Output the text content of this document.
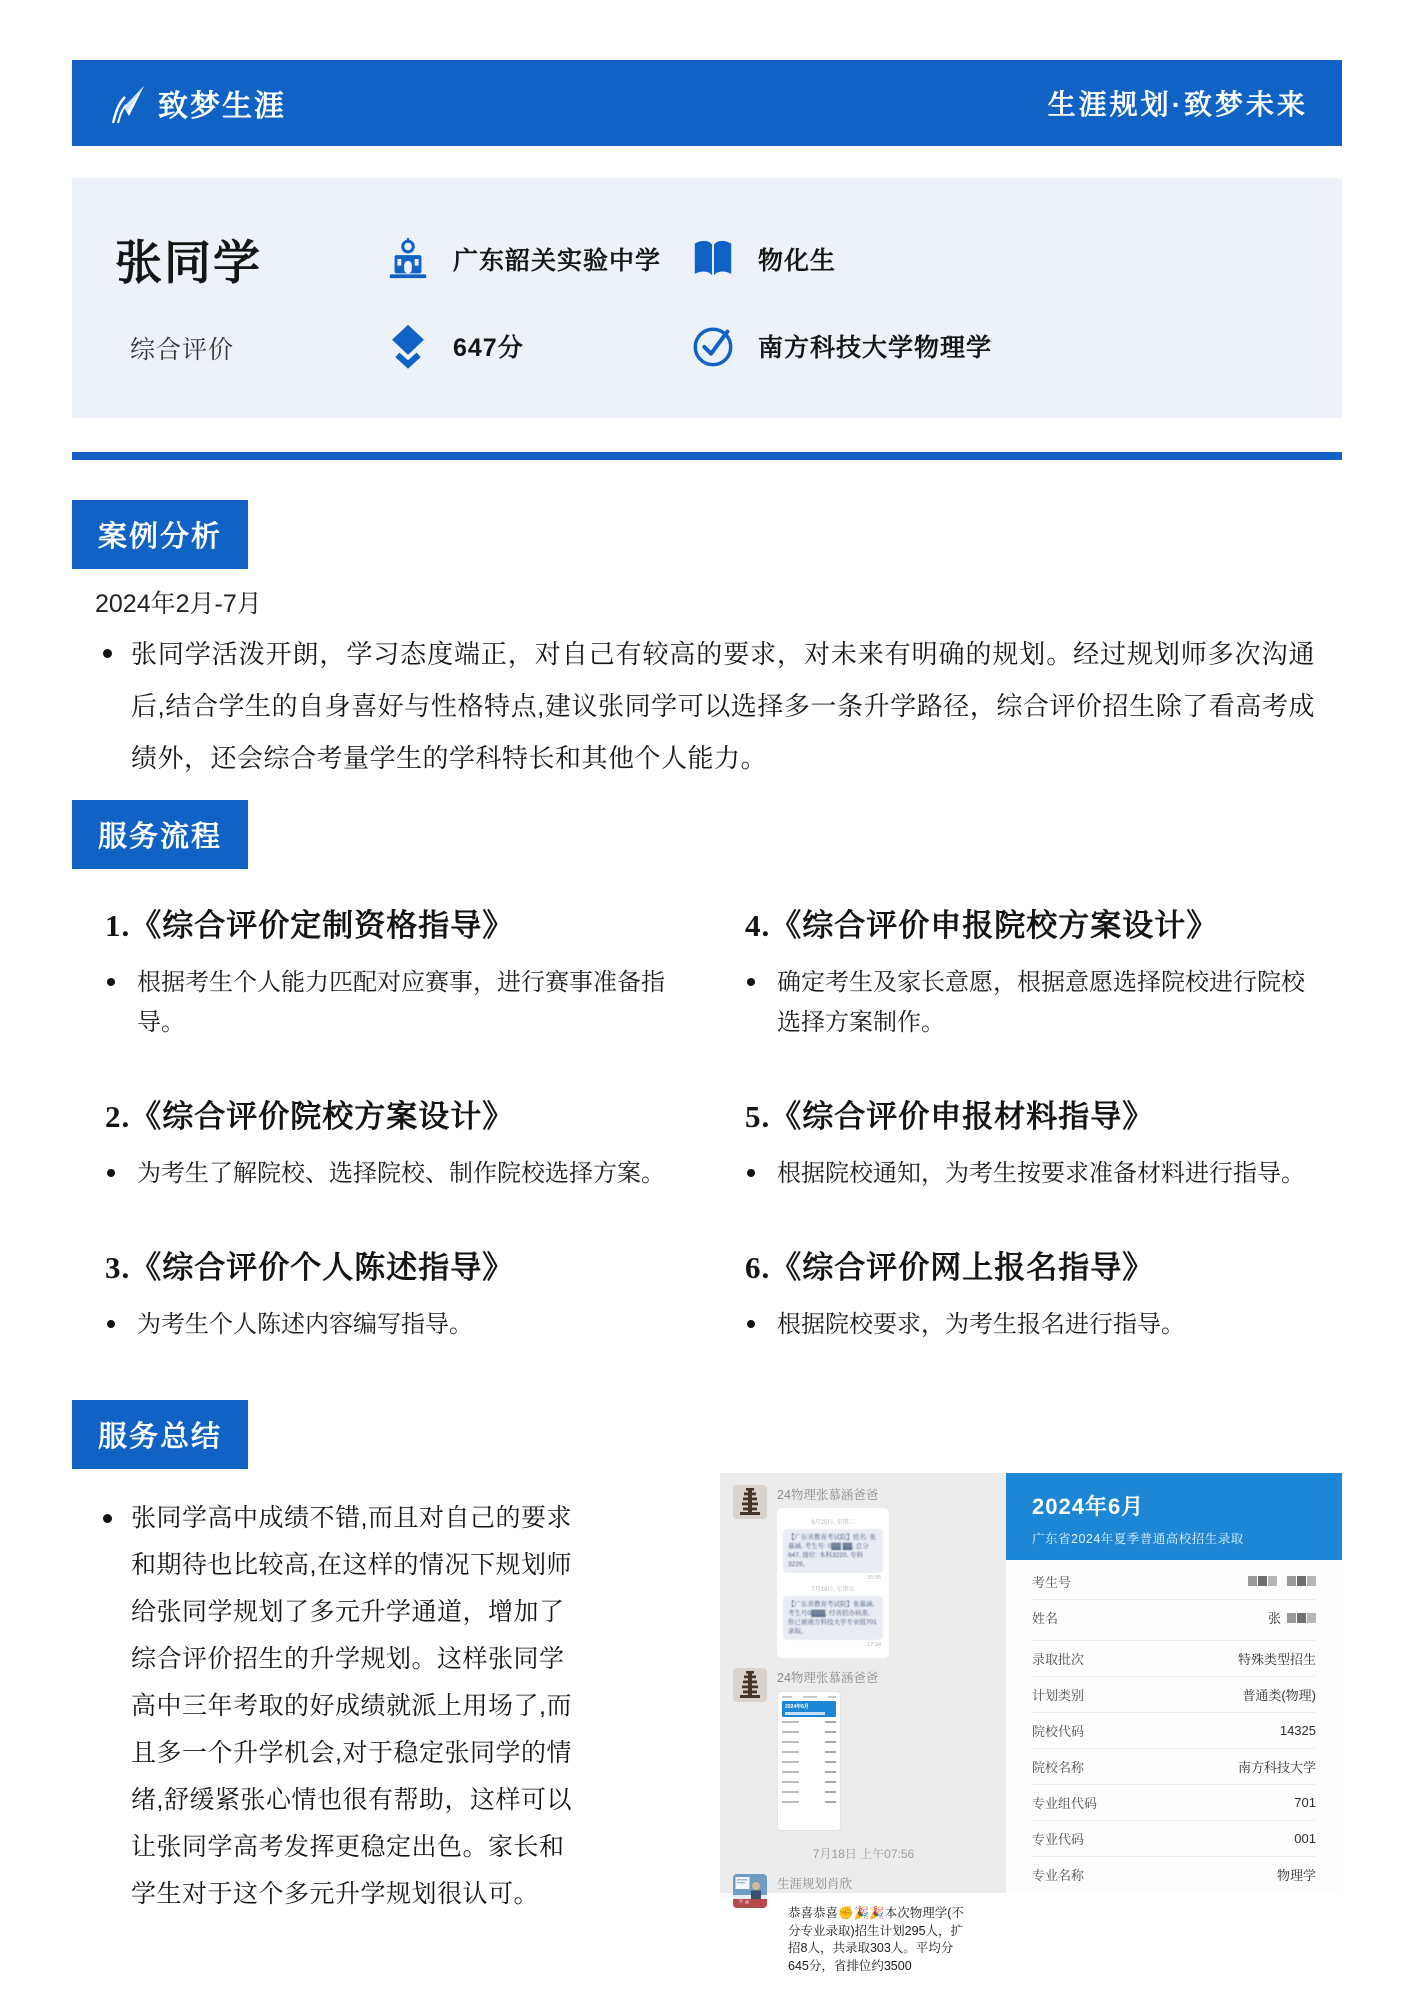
致梦生涯	生涯规划·致梦未来
张同学
综合评价
广东韶关实验中学	物化生
647分	南方科技大学物理学
案例分析
2024年2月-7月

张同学活泼开朗，学习态度端正，对自己有较高的要求，对未来有明确的规划。经过规划师多次沟通后,结合学生的自身喜好与性格特点,建议张同学可以选择多一条升学路径，综合评价招生除了看高考成绩外，还会综合考量学生的学科特长和其他个人能力。

服务流程
1.《综合评价定制资格指导》

根据考生个人能力匹配对应赛事，进行赛事准备指导。

2.《综合评价院校方案设计》

为考生了解院校、选择院校、制作院校选择方案。

3.《综合评价个人陈述指导》

为考生个人陈述内容编写指导。

4.《综合评价申报院校方案设计》

确定考生及家长意愿，根据意愿选择院校进行院校选择方案制作。

5.《综合评价申报材料指导》

根据院校通知，为考生按要求准备材料进行指导。

6.《综合评价网上报名指导》

根据院校要求，为考生报名进行指导。

服务总结

张同学高中成绩不错,而且对自己的要求和期待也比较高,在这样的情况下规划师给张同学规划了多元升学通道，增加了综合评价招生的升学规划。这样张同学高中三年考取的好成绩就派上用场了,而且多一个升学机会,对于稳定张同学的情绪,舒缓紧张心情也很有帮助，这样可以让张同学高考发挥更稳定出色。家长和学生对于这个多元升学规划很认可。

24物理张慕涵爸爸
6月25日, 星期二
【广东省教育考试院】姓名: 张慕涵, 考生号: 0▓▓ ▓▓, 总分647, 排位: 本科3220, 专科3229。
15:35
7月19日, 星期五
【广东省教育考试院】张慕涵, 考生号0▓▓▓, 经省招办核准, 你已被南方科技大学专业组701录取。
17:34
24物理张慕涵爸爸
2024年6月
7月18日 上午07:56
生涯规划肖欣
恭喜恭喜✊🎉🎉本次物理学(不分专业录取)招生计划295人，扩招8人，共录取303人。平均分645分，省排位约3500
2024年6月
广东省2024年夏季普通高校招生录取
考生号
姓名	张
录取批次	特殊类型招生
计划类别	普通类(物理)
院校代码	14325
院校名称	南方科技大学
专业组代码	701
专业代码	001
专业名称	物理学
